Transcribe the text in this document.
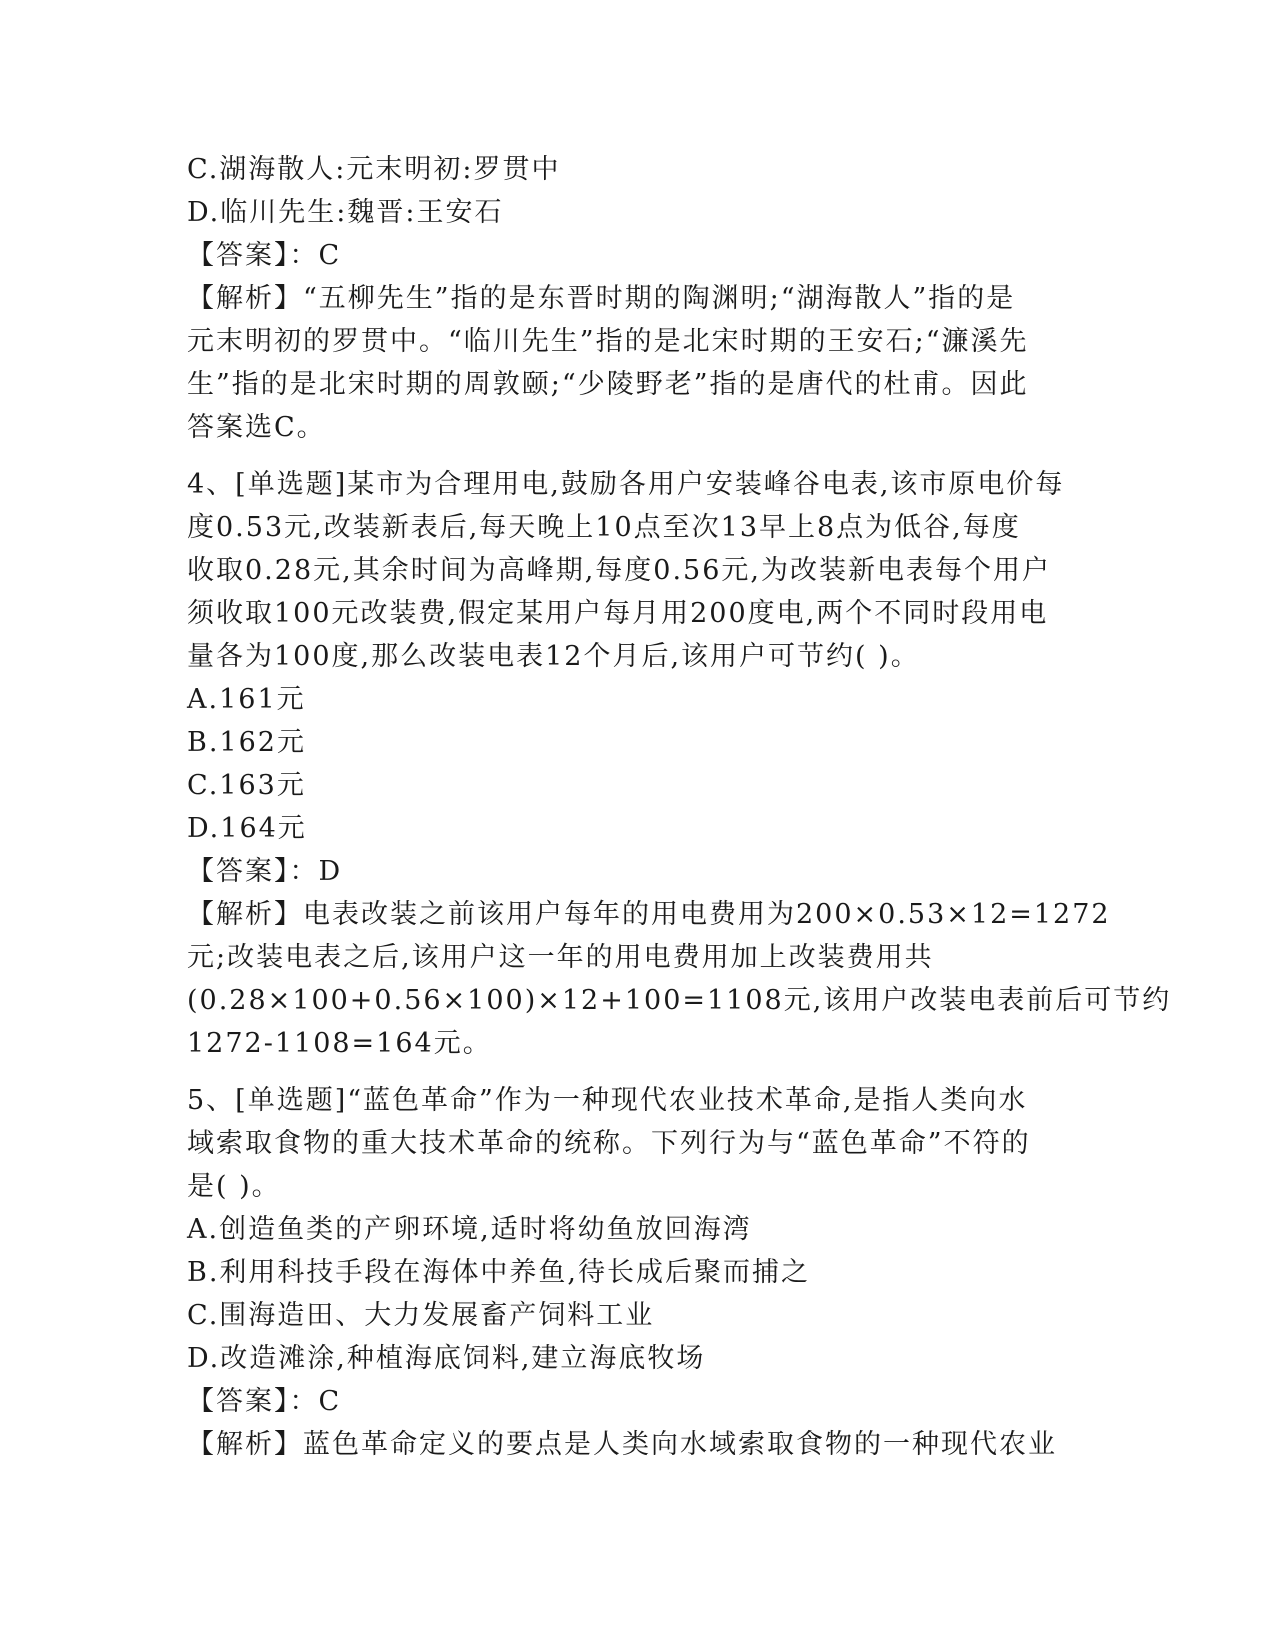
C.湖海散人:元末明初:罗贯中
D.临川先生:魏晋:王安石
【答案】：C
【解析】“五柳先生”指的是东晋时期的陶渊明;“湖海散人”指的是
元末明初的罗贯中。“临川先生”指的是北宋时期的王安石;“濂溪先
生”指的是北宋时期的周敦颐;“少陵野老”指的是唐代的杜甫。因此
答案选C。
4、[单选题]某市为合理用电,鼓励各用户安装峰谷电表,该市原电价每
度0.53元,改装新表后,每天晚上10点至次13早上8点为低谷,每度
收取0.28元,其余时间为高峰期,每度0.56元,为改装新电表每个用户
须收取100元改装费,假定某用户每月用200度电,两个不同时段用电
量各为100度,那么改装电表12个月后,该用户可节约( )。
A.161元
B.162元
C.163元
D.164元
【答案】：D
【解析】电表改装之前该用户每年的用电费用为200×0.53×12=1272
元;改装电表之后,该用户这一年的用电费用加上改装费用共
(0.28×100+0.56×100)×12+100=1108元,该用户改装电表前后可节约
1272-1108=164元。
5、[单选题]“蓝色革命”作为一种现代农业技术革命,是指人类向水
域索取食物的重大技术革命的统称。下列行为与“蓝色革命”不符的
是( )。
A.创造鱼类的产卵环境,适时将幼鱼放回海湾
B.利用科技手段在海体中养鱼,待长成后聚而捕之
C.围海造田、大力发展畜产饲料工业
D.改造滩涂,种植海底饲料,建立海底牧场
【答案】：C
【解析】蓝色革命定义的要点是人类向水域索取食物的一种现代农业
